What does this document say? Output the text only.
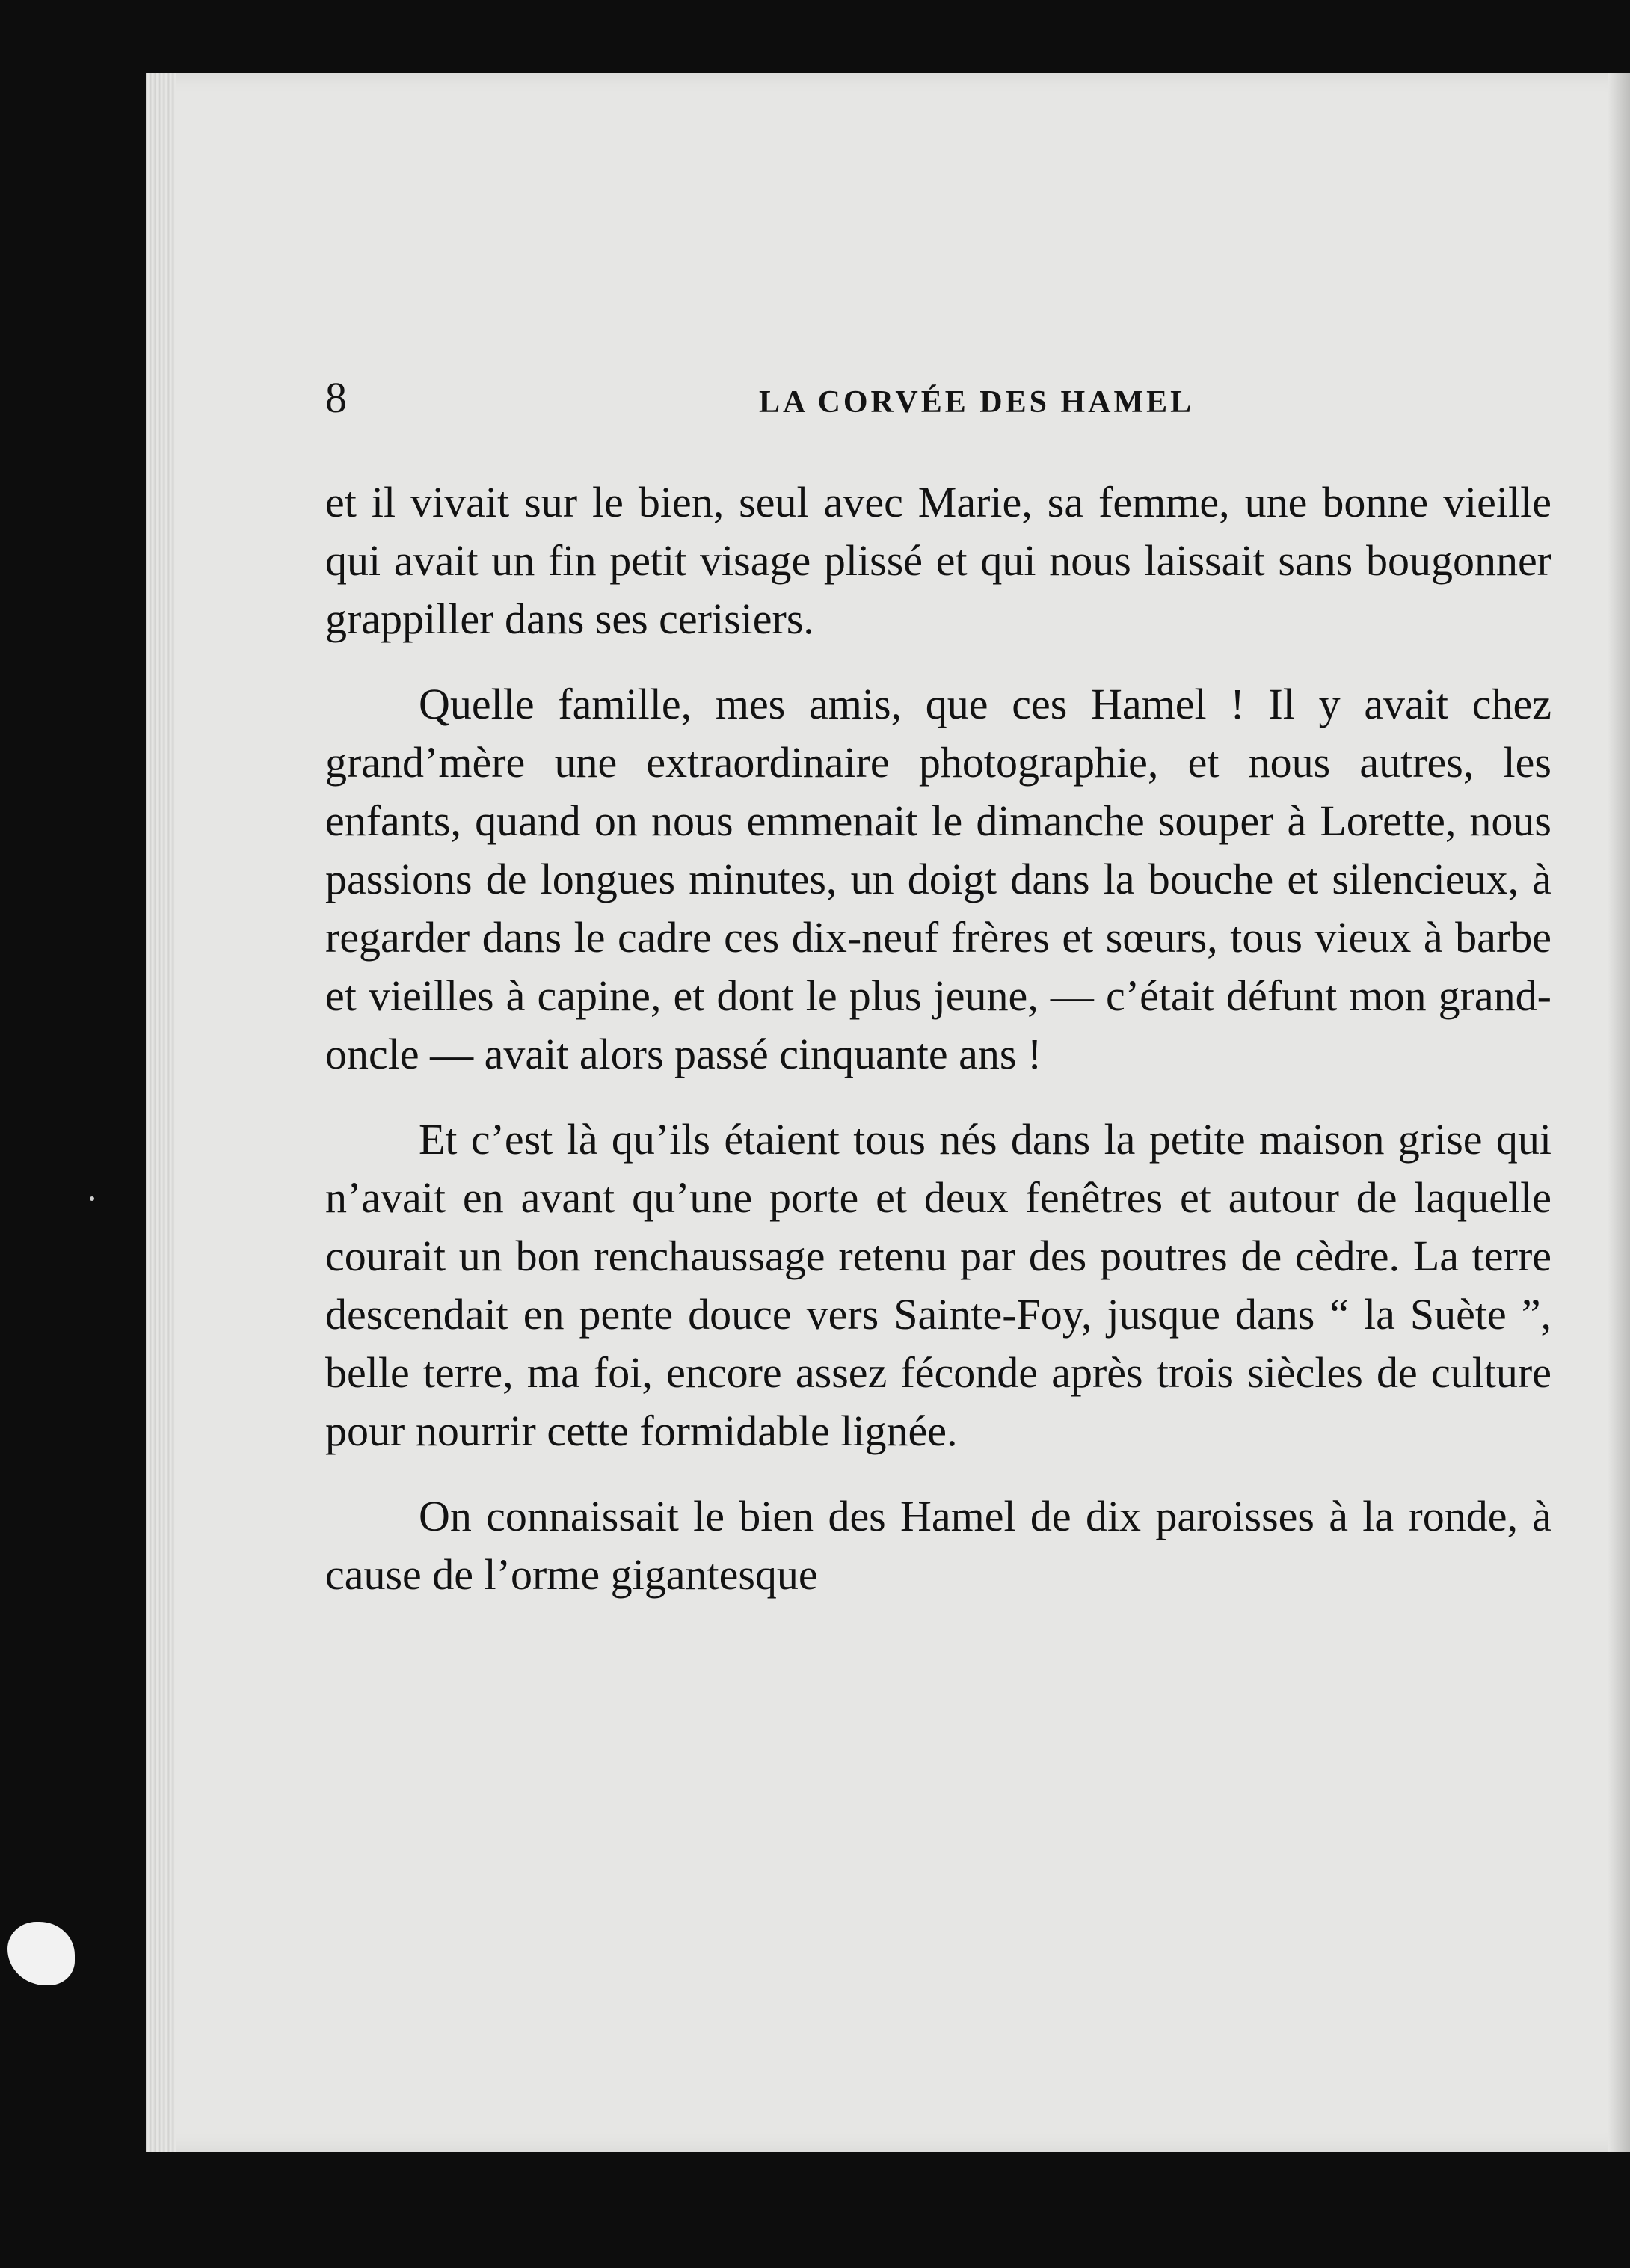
8	LA CORVÉE DES HAMEL

et il vivait sur le bien, seul avec Marie, sa femme, une bonne vieille qui avait un fin petit visage plissé et qui nous laissait sans bougonner grappiller dans ses cerisiers.

Quelle famille, mes amis, que ces Hamel ! Il y avait chez grand’mère une extraordinaire photographie, et nous autres, les enfants, quand on nous emmenait le dimanche souper à Lorette, nous passions de longues minutes, un doigt dans la bouche et silencieux, à regarder dans le cadre ces dix-neuf frères et sœurs, tous vieux à barbe et vieilles à capine, et dont le plus jeune, — c’était défunt mon grand-oncle — avait alors passé cinquante ans !

Et c’est là qu’ils étaient tous nés dans la petite maison grise qui n’avait en avant qu’une porte et deux fenêtres et autour de laquelle courait un bon renchaussage retenu par des poutres de cèdre. La terre descendait en pente douce vers Sainte-Foy, jusque dans “ la Suète ”, belle terre, ma foi, encore assez féconde après trois siècles de culture pour nourrir cette formidable lignée.

On connaissait le bien des Hamel de dix paroisses à la ronde, à cause de l’orme gigantesque
